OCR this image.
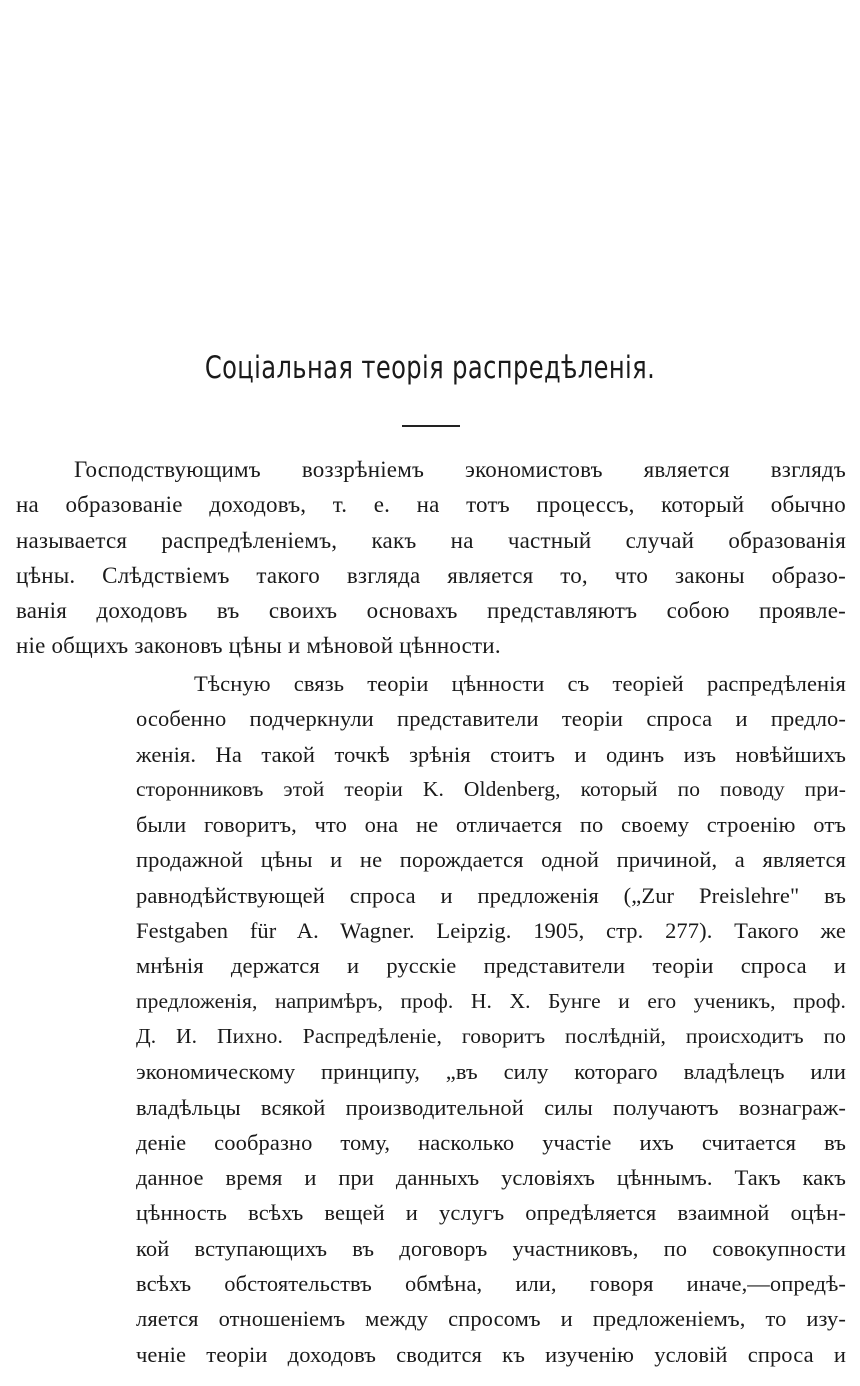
Соціальная теорія распредѣленія.
Господствующимъ воззрѣніемъ экономистовъ является взглядъ
на образованіе доходовъ, т. е. на тотъ процессъ, который обычно
называется распредѣленіемъ, какъ на частный случай образованія
цѣны. Слѣдствіемъ такого взгляда является то, что законы образо-
ванія доходовъ въ своихъ основахъ представляютъ собою проявле-
ніе общихъ законовъ цѣны и мѣновой цѣнности.
Тѣсную связь теоріи цѣнности съ теоріей распредѣленія
особенно подчеркнули представители теоріи спроса и предло-
женія. На такой точкѣ зрѣнія стоитъ и одинъ изъ новѣйшихъ
сторонниковъ этой теоріи K. Oldenberg, который по поводу при-
были говоритъ, что она не отличается по своему строенію отъ
продажной цѣны и не порождается одной причиной, а является
равнодѣйствующей спроса и предложенія („Zur Preislehre" въ
Festgaben für A. Wagner. Leipzig. 1905, стр. 277). Такого же
мнѣнія держатся и русскіе представители теоріи спроса и
предложенія, напримѣръ, проф. Н. Х. Бунге и его ученикъ, проф.
Д. И. Пихно. Распредѣленіе, говоритъ послѣдній, происходитъ по
экономическому принципу, „въ силу котораго владѣлецъ или
владѣльцы всякой производительной силы получаютъ вознаграж-
деніе сообразно тому, насколько участіе ихъ считается въ
данное время и при данныхъ условіяхъ цѣннымъ. Такъ какъ
цѣнность всѣхъ вещей и услугъ опредѣляется взаимной оцѣн-
кой вступающихъ въ договоръ участниковъ, по совокупности
всѣхъ обстоятельствъ обмѣна, или, говоря иначе,—опредѣ-
ляется отношеніемъ между спросомъ и предложеніемъ, то изу-
ченіе теоріи доходовъ сводится къ изученію условій спроса и
